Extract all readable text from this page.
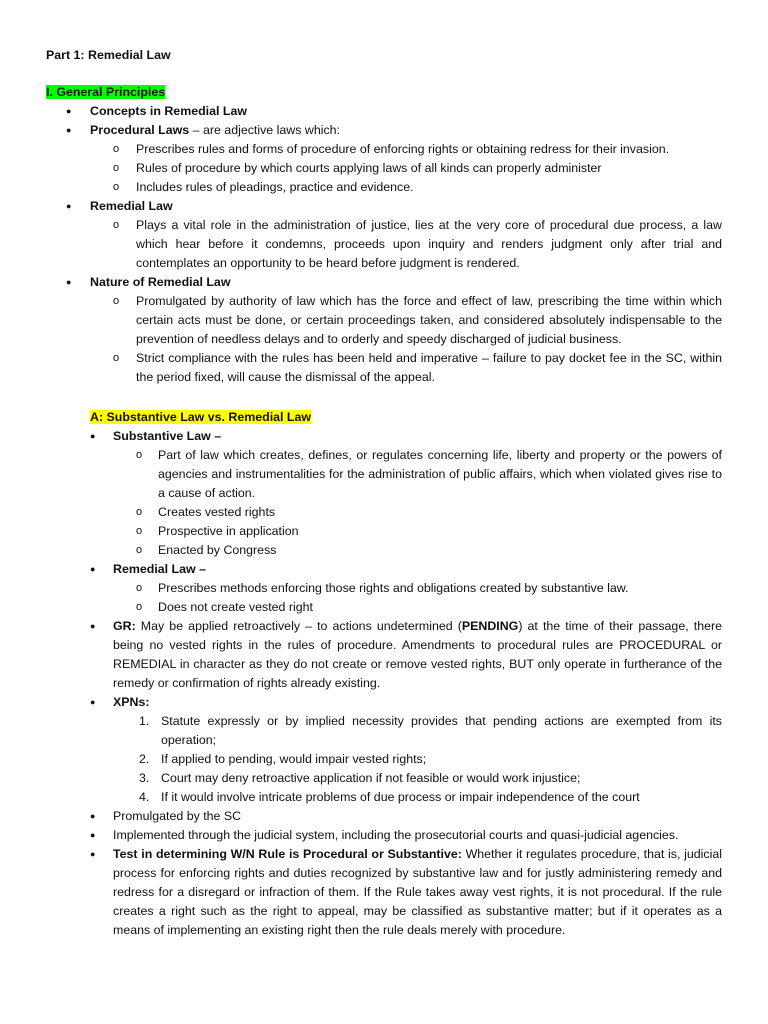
Part 1: Remedial Law
I. General Principles
● Concepts in Remedial Law
● Procedural Laws – are adjective laws which:
o Prescribes rules and forms of procedure of enforcing rights or obtaining redress for their invasion.
o Rules of procedure by which courts applying laws of all kinds can properly administer
o Includes rules of pleadings, practice and evidence.
● Remedial Law
o Plays a vital role in the administration of justice, lies at the very core of procedural due process, a law which hear before it condemns, proceeds upon inquiry and renders judgment only after trial and contemplates an opportunity to be heard before judgment is rendered.
● Nature of Remedial Law
o Promulgated by authority of law which has the force and effect of law, prescribing the time within which certain acts must be done, or certain proceedings taken, and considered absolutely indispensable to the prevention of needless delays and to orderly and speedy discharged of judicial business.
o Strict compliance with the rules has been held and imperative – failure to pay docket fee in the SC, within the period fixed, will cause the dismissal of the appeal.
A: Substantive Law vs. Remedial Law
● Substantive Law –
o Part of law which creates, defines, or regulates concerning life, liberty and property or the powers of agencies and instrumentalities for the administration of public affairs, which when violated gives rise to a cause of action.
o Creates vested rights
o Prospective in application
o Enacted by Congress
● Remedial Law –
o Prescribes methods enforcing those rights and obligations created by substantive law.
o Does not create vested right
● GR: May be applied retroactively – to actions undetermined (PENDING) at the time of their passage, there being no vested rights in the rules of procedure. Amendments to procedural rules are PROCEDURAL or REMEDIAL in character as they do not create or remove vested rights, BUT only operate in furtherance of the remedy or confirmation of rights already existing.
● XPNs:
1. Statute expressly or by implied necessity provides that pending actions are exempted from its operation;
2. If applied to pending, would impair vested rights;
3. Court may deny retroactive application if not feasible or would work injustice;
4. If it would involve intricate problems of due process or impair independence of the court
● Promulgated by the SC
● Implemented through the judicial system, including the prosecutorial courts and quasi-judicial agencies.
● Test in determining W/N Rule is Procedural or Substantive: Whether it regulates procedure, that is, judicial process for enforcing rights and duties recognized by substantive law and for justly administering remedy and redress for a disregard or infraction of them. If the Rule takes away vest rights, it is not procedural. If the rule creates a right such as the right to appeal, may be classified as substantive matter; but if it operates as a means of implementing an existing right then the rule deals merely with procedure.
